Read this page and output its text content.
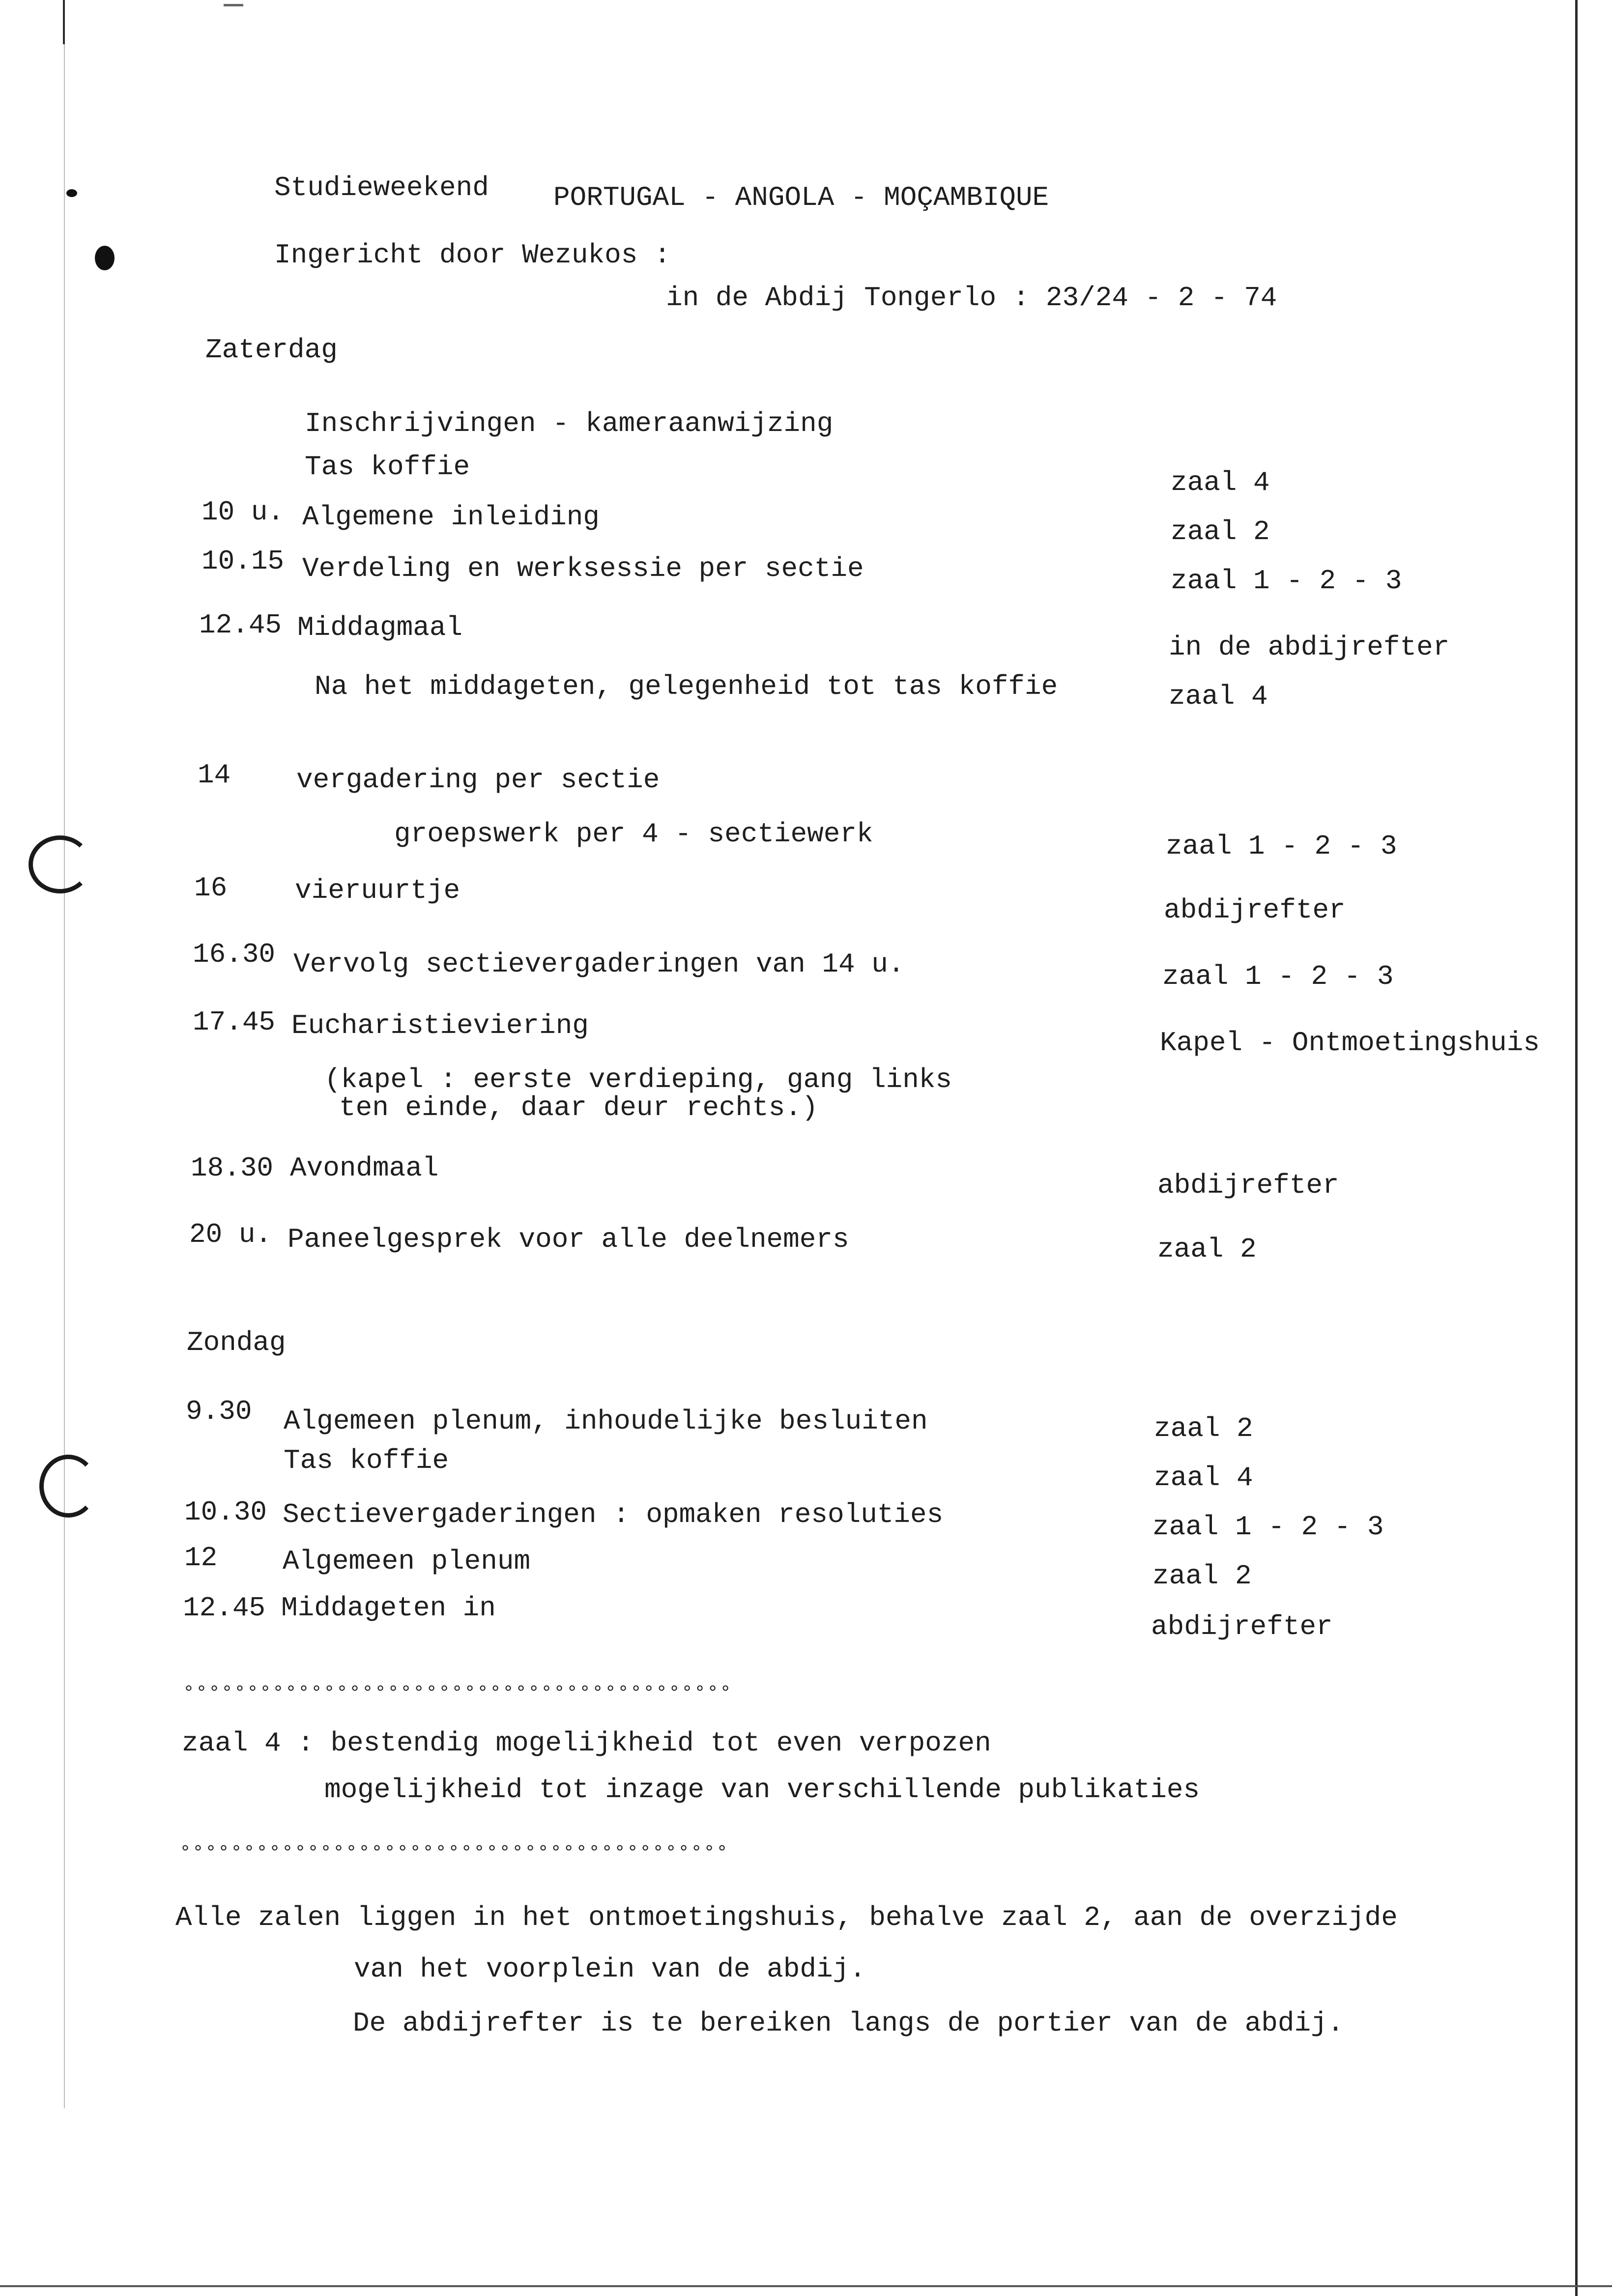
Studieweekend PORTUGAL - ANGOLA - MOÇAMBIQUE
Ingericht door Wezukos :
in de Abdij Tongerlo : 23/24 - 2 - 74
Zaterdag
Inschrijvingen - kameraanwijzing
Tas koffie
10 u. Algemene inleiding
10.15 Verdeling en werksessie per sectie
12.45 Middagmaal
Na het middageten, gelegenheid tot tas koffie
14 vergadering per sectie
groepswerk per 4 - sectiewerk
16 vieruurtje
16.30 Vervolg sectievergaderingen van 14 u.
17.45 Eucharistieviering
(kapel : eerste verdieping, gang links
ten einde, daar deur rechts.)
18.30 Avondmaal
20 u. Paneelgesprek voor alle deelnemers
zaal 4
zaal 2
zaal 1 - 2 - 3
in de abdijrefter
zaal 4
zaal 1 - 2 - 3
abdijrefter
zaal 1 - 2 - 3
Kapel - Ontmoetingshuis
abdijrefter
zaal 2
Zondag
9.30 Algemeen plenum, inhoudelijke besluiten
Tas koffie
10.30 Sectievergaderingen : opmaken resoluties
12 Algemeen plenum
12.45 Middageten in
zaal 2
zaal 4
zaal 1 - 2 - 3
zaal 2
abdijrefter
°°°°°°°°°°°°°°°°°°°°°°°°°°°°°°°°°°°°°°°°°°°
zaal 4 : bestendig mogelijkheid tot even verpozen
mogelijkheid tot inzage van verschillende publikaties
°°°°°°°°°°°°°°°°°°°°°°°°°°°°°°°°°°°°°°°°°°°
Alle zalen liggen in het ontmoetingshuis, behalve zaal 2, aan de overzijde
van het voorplein van de abdij.
De abdijrefter is te bereiken langs de portier van de abdij.
